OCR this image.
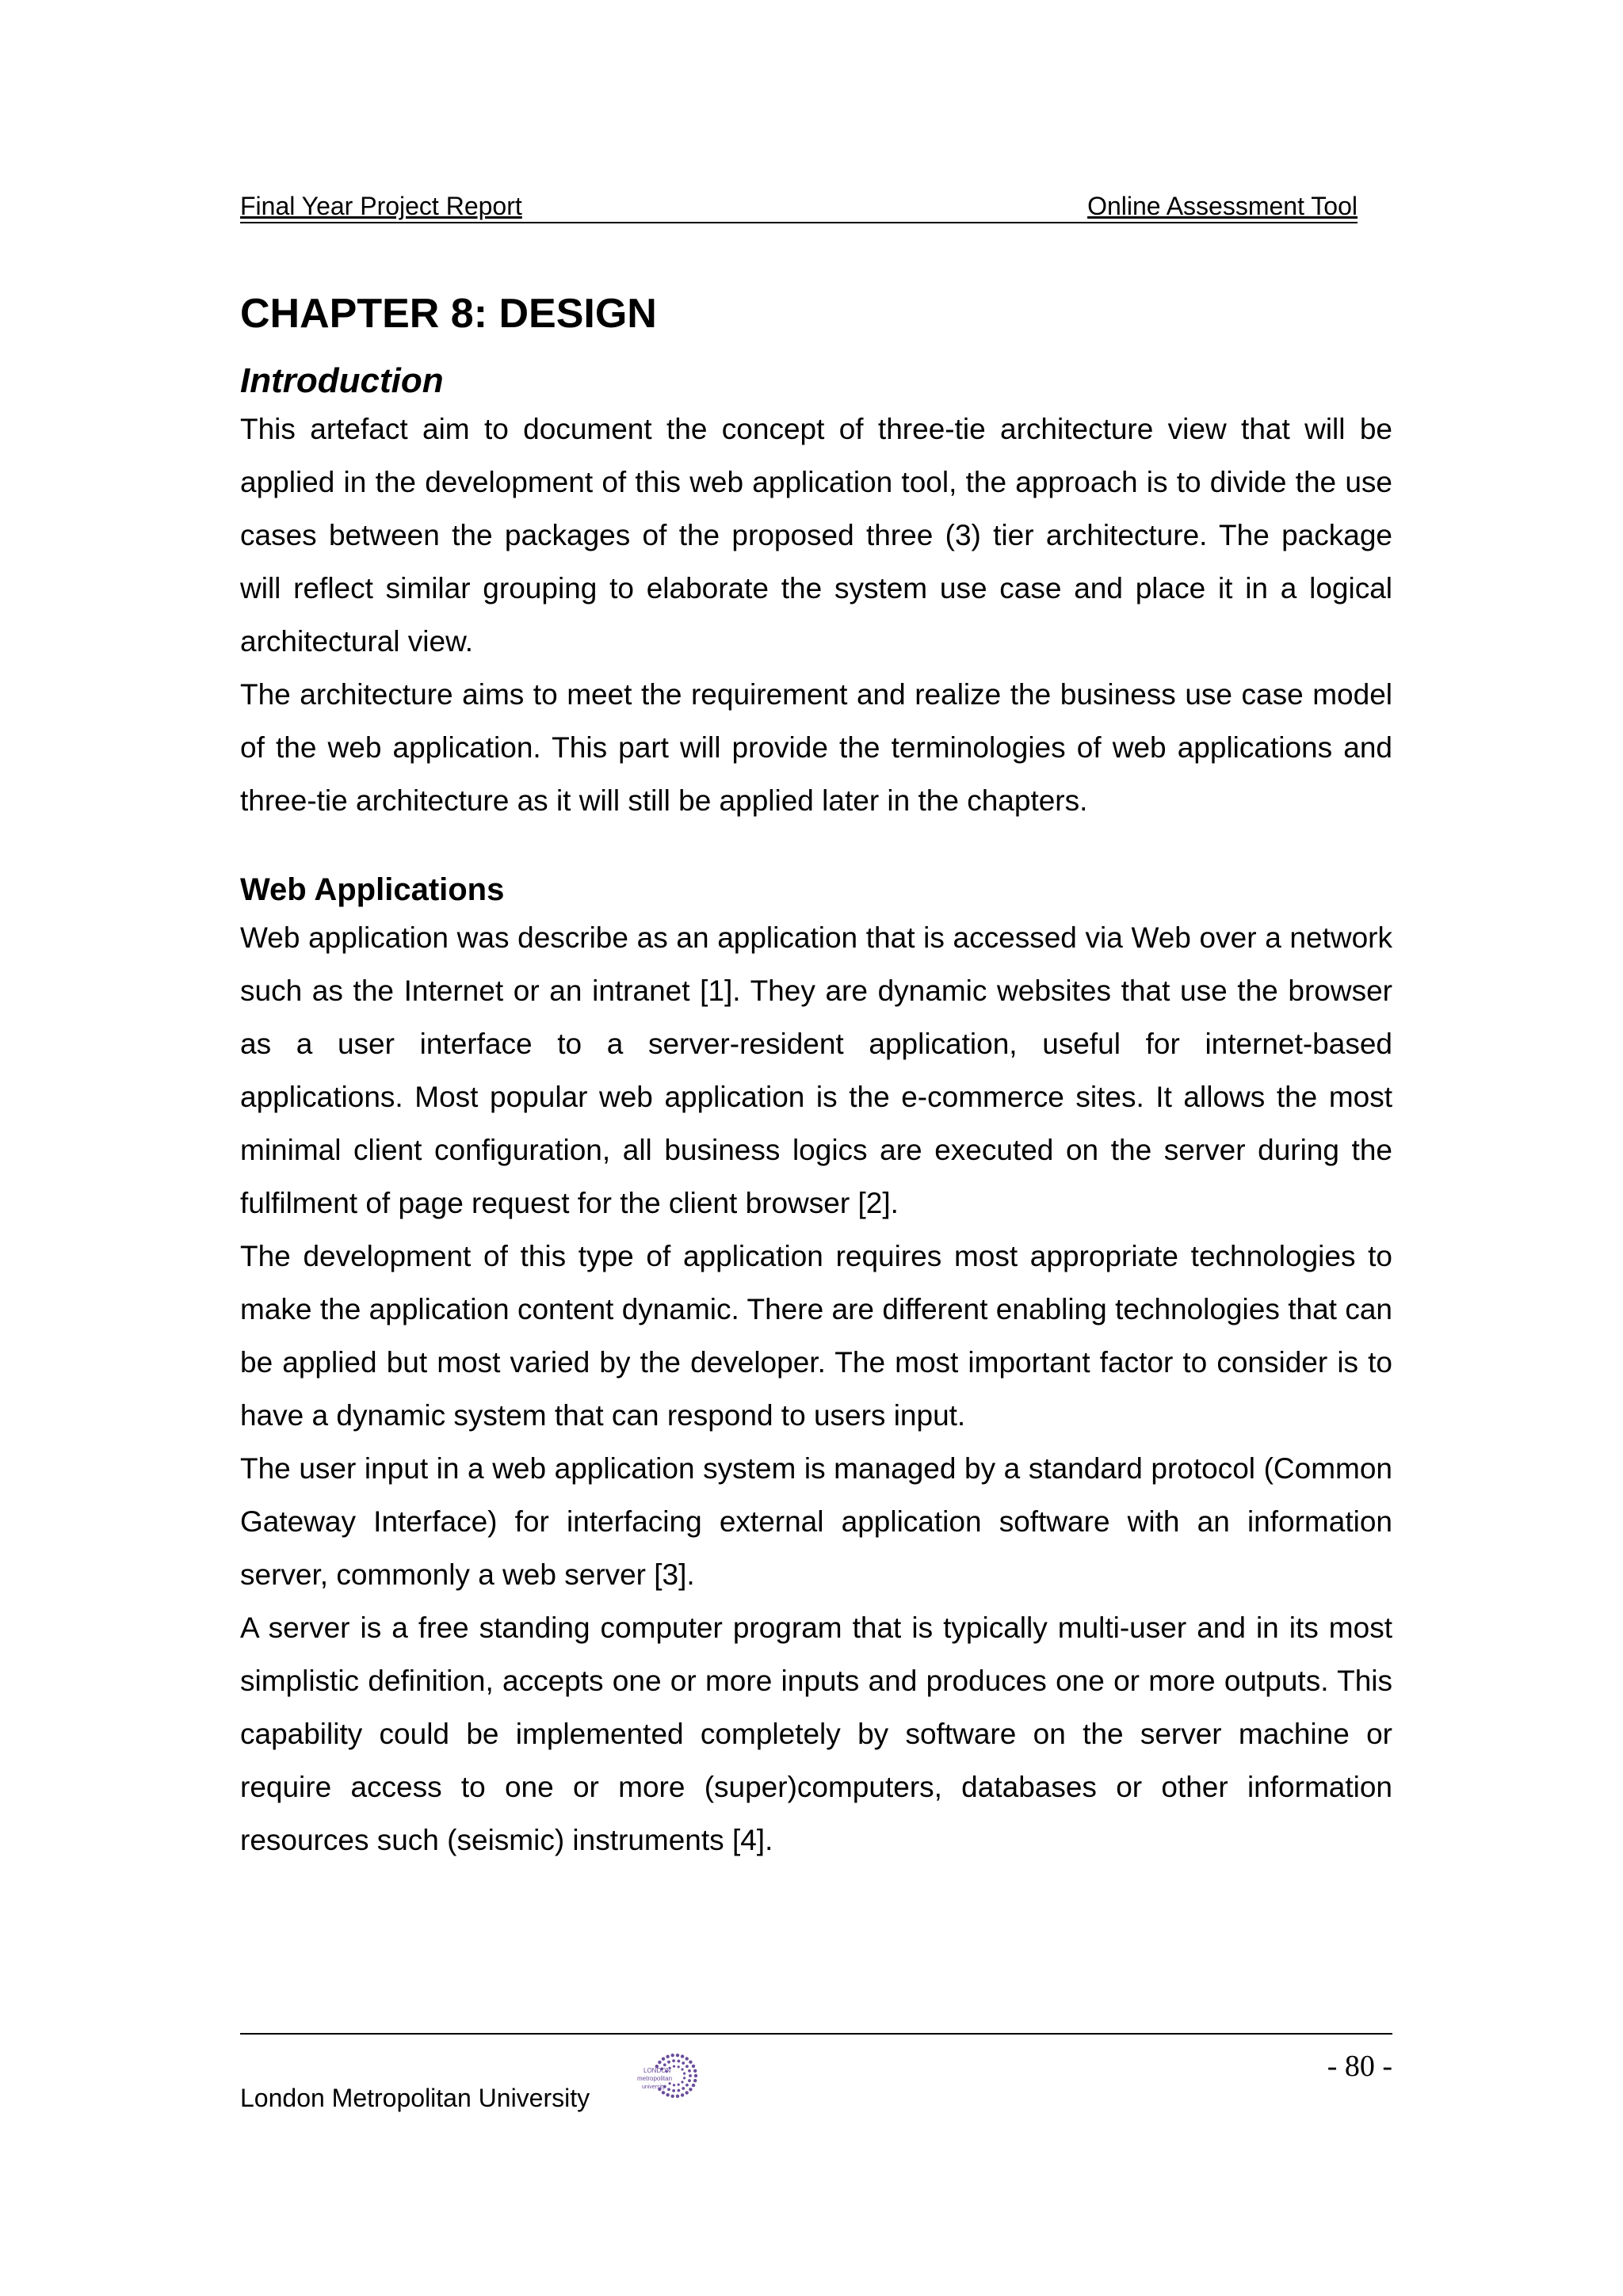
Final Year Project Report	Online Assessment Tool
CHAPTER 8: DESIGN
Introduction

This artefact aim to document the concept of three-tie architecture view that will be applied in the development of this web application tool, the approach is to divide the use cases between the packages of the proposed three (3) tier architecture. The package will reflect similar grouping to elaborate the system use case and place it in a logical architectural view.

The architecture aims to meet the requirement and realize the business use case model of the web application. This part will provide the terminologies of web applications and three-tie architecture as it will still be applied later in the chapters.

Web Applications

Web application was describe as an application that is accessed via Web over a network such as the Internet or an intranet [1]. They are dynamic websites that use the browser as a user interface to a server-resident application, useful for internet-based applications. Most popular web application is the e-commerce sites. It allows the most minimal client configuration, all business logics are executed on the server during the fulfilment of page request for the client browser [2].

The development of this type of application requires most appropriate technologies to make the application content dynamic. There are different enabling technologies that can be applied but most varied by the developer. The most important factor to consider is to have a dynamic system that can respond to users input.

The user input in a web application system is managed by a standard protocol (Common Gateway Interface) for interfacing external application software with an information server, commonly a web server [3].

A server is a free standing computer program that is typically multi-user and in its most simplistic definition, accepts one or more inputs and produces one or more outputs. This capability could be implemented completely by software on the server machine or require access to one or more (super)computers, databases or other information resources such (seismic) instruments [4].

London Metropolitan University
LONDON
metropolitan
university
- 80 -
